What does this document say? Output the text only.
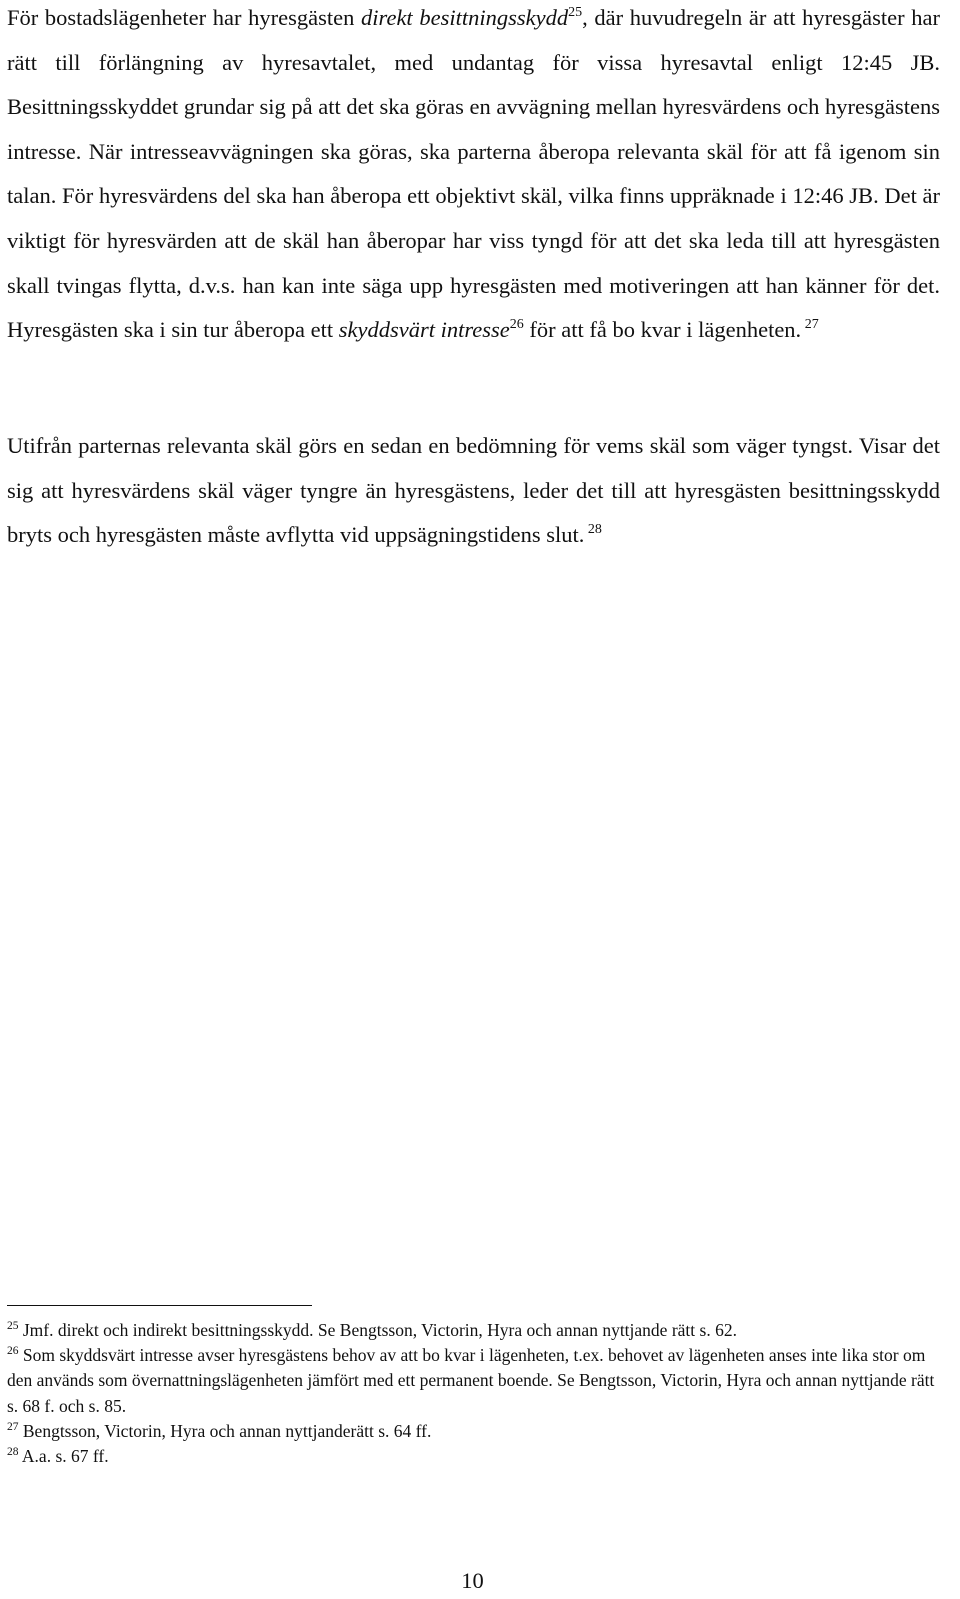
För bostadslägenheter har hyresgästen direkt besittningsskydd$^{25}$, där huvudregeln är att hyresgäster har rätt till förlängning av hyresavtalet, med undantag för vissa hyresavtal enligt 12:45 JB. Besittningsskyddet grundar sig på att det ska göras en avvägning mellan hyresvärdens och hyresgästens intresse. När intresseavvägningen ska göras, ska parterna åberopa relevanta skäl för att få igenom sin talan. För hyresvärdens del ska han åberopa ett objektivt skäl, vilka finns uppräknade i 12:46 JB. Det är viktigt för hyresvärden att de skäl han åberopar har viss tyngd för att det ska leda till att hyresgästen skall tvingas flytta, d.v.s. han kan inte säga upp hyresgästen med motiveringen att han känner för det. Hyresgästen ska i sin tur åberopa ett skyddsvärt intresse$^{26}$ för att få bo kvar i lägenheten. $^{27}$

Utifrån parternas relevanta skäl görs en sedan en bedömning för vems skäl som väger tyngst. Visar det sig att hyresvärdens skäl väger tyngre än hyresgästens, leder det till att hyresgästen besittningsskydd bryts och hyresgästen måste avflytta vid uppsägningstidens slut. $^{28}$

$^{25}$ Jmf. direkt och indirekt besittningsskydd. Se Bengtsson, Victorin, Hyra och annan nyttjande rätt s. 62.

$^{26}$ Som skyddsvärt intresse avser hyresgästens behov av att bo kvar i lägenheten, t.ex. behovet av lägenheten anses inte lika stor om den används som övernattningslägenheten jämfört med ett permanent boende. Se Bengtsson, Victorin, Hyra och annan nyttjande rätt s. 68 f. och s. 85.

$^{27}$ Bengtsson, Victorin, Hyra och annan nyttjanderätt s. 64 ff.

$^{28}$ A.a. s. 67 ff.

10
